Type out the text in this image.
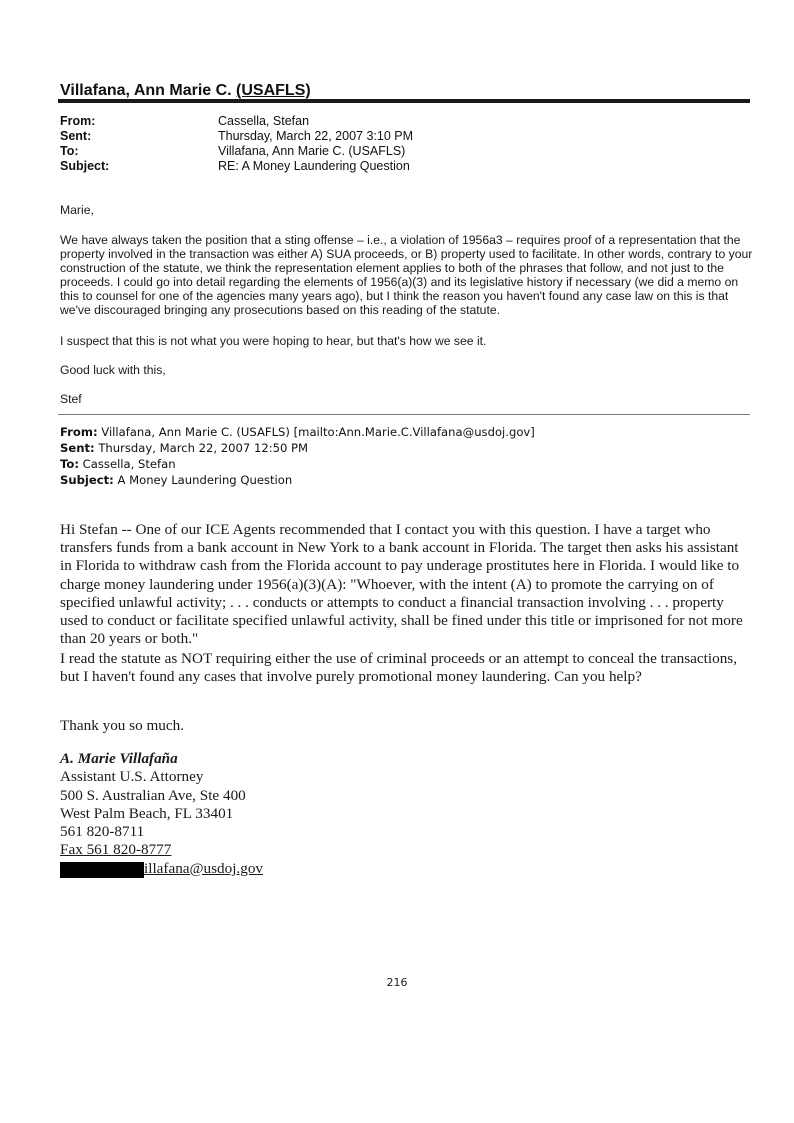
Villafana, Ann Marie C. (USAFLS)
From:	Cassella, Stefan
Sent:	Thursday, March 22, 2007 3:10 PM
To:	Villafana, Ann Marie C. (USAFLS)
Subject:	RE: A Money Laundering Question
Marie,
We have always taken the position that a sting offense – i.e., a violation of 1956a3 – requires proof of a representation that the property involved in the transaction was either A) SUA proceeds, or B) property used to facilitate. In other words, contrary to your construction of the statute, we think the representation element applies to both of the phrases that follow, and not just to the proceeds. I could go into detail regarding the elements of 1956(a)(3) and its legislative history if necessary (we did a memo on this to counsel for one of the agencies many years ago), but I think the reason you haven't found any case law on this is that we've discouraged bringing any prosecutions based on this reading of the statute.
I suspect that this is not what you were hoping to hear, but that's how we see it.
Good luck with this,
Stef
From: Villafana, Ann Marie C. (USAFLS) [mailto:Ann.Marie.C.Villafana@usdoj.gov]
Sent: Thursday, March 22, 2007 12:50 PM
To: Cassella, Stefan
Subject: A Money Laundering Question
Hi Stefan -- One of our ICE Agents recommended that I contact you with this question. I have a target who transfers funds from a bank account in New York to a bank account in Florida. The target then asks his assistant in Florida to withdraw cash from the Florida account to pay underage prostitutes here in Florida. I would like to charge money laundering under 1956(a)(3)(A): "Whoever, with the intent (A) to promote the carrying on of specified unlawful activity; . . . conducts or attempts to conduct a financial transaction involving . . . property used to conduct or facilitate specified unlawful activity, shall be fined under this title or imprisoned for not more than 20 years or both."
I read the statute as NOT requiring either the use of criminal proceeds or an attempt to conceal the transactions, but I haven't found any cases that involve purely promotional money laundering. Can you help?
Thank you so much.
A. Marie Villafaña
Assistant U.S. Attorney
500 S. Australian Ave, Ste 400
West Palm Beach, FL 33401
561 820-8711
Fax 561 820-8777
illafana@usdoj.gov
216
